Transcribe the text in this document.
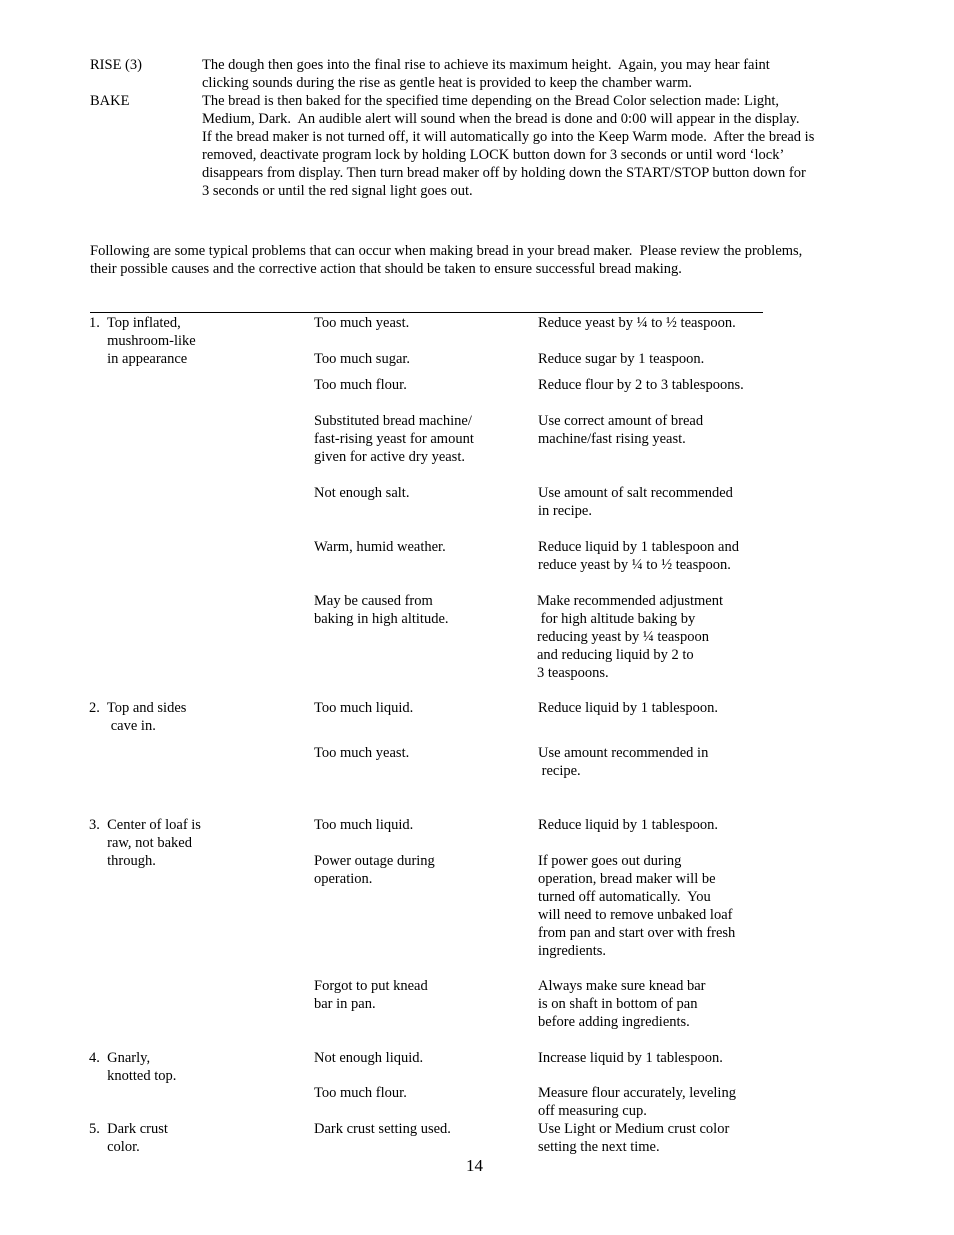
RISE (3)	The dough then goes into the final rise to achieve its maximum height.  Again, you may hear faint
clicking sounds during the rise as gentle heat is provided to keep the chamber warm.
BAKE	The bread is then baked for the specified time depending on the Bread Color selection made: Light,
Medium, Dark.  An audible alert will sound when the bread is done and 0:00 will appear in the display.
If the bread maker is not turned off, it will automatically go into the Keep Warm mode.  After the bread is
removed, deactivate program lock by holding LOCK button down for 3 seconds or until word ‘lock’
disappears from display. Then turn bread maker off by holding down the START/STOP button down for
3 seconds or until the red signal light goes out.
Following are some typical problems that can occur when making bread in your bread maker.  Please review the problems,
their possible causes and the corrective action that should be taken to ensure successful bread making.
1.  Top inflated,
mushroom-like
in appearance
2.  Top and sides
cave in.
3.  Center of loaf is
raw, not baked
through.
4.  Gnarly,
knotted top.
5.  Dark crust
color.
Too much yeast.
Too much sugar.
Too much flour.
Substituted bread machine/
fast-rising yeast for amount
given for active dry yeast.
Not enough salt.
Warm, humid weather.
May be caused from
baking in high altitude.
Too much liquid.
Too much yeast.
Too much liquid.
Power outage during
operation.
Forgot to put knead
bar in pan.
Not enough liquid.
Too much flour.
Dark crust setting used.
Reduce yeast by ¼ to ½ teaspoon.
Reduce sugar by 1 teaspoon.
Reduce flour by 2 to 3 tablespoons.
Use correct amount of bread
machine/fast rising yeast.
Use amount of salt recommended
in recipe.
Reduce liquid by 1 tablespoon and
reduce yeast by ¼ to ½ teaspoon.
Make recommended adjustment
for high altitude baking by
reducing yeast by ¼ teaspoon
and reducing liquid by 2 to
3 teaspoons.
Reduce liquid by 1 tablespoon.
Use amount recommended in
recipe.
Reduce liquid by 1 tablespoon.
If power goes out during
operation, bread maker will be
turned off automatically.  You
will need to remove unbaked loaf
from pan and start over with fresh
ingredients.
Always make sure knead bar
is on shaft in bottom of pan
before adding ingredients.
Increase liquid by 1 tablespoon.
Measure flour accurately, leveling
off measuring cup.
Use Light or Medium crust color
setting the next time.
14
